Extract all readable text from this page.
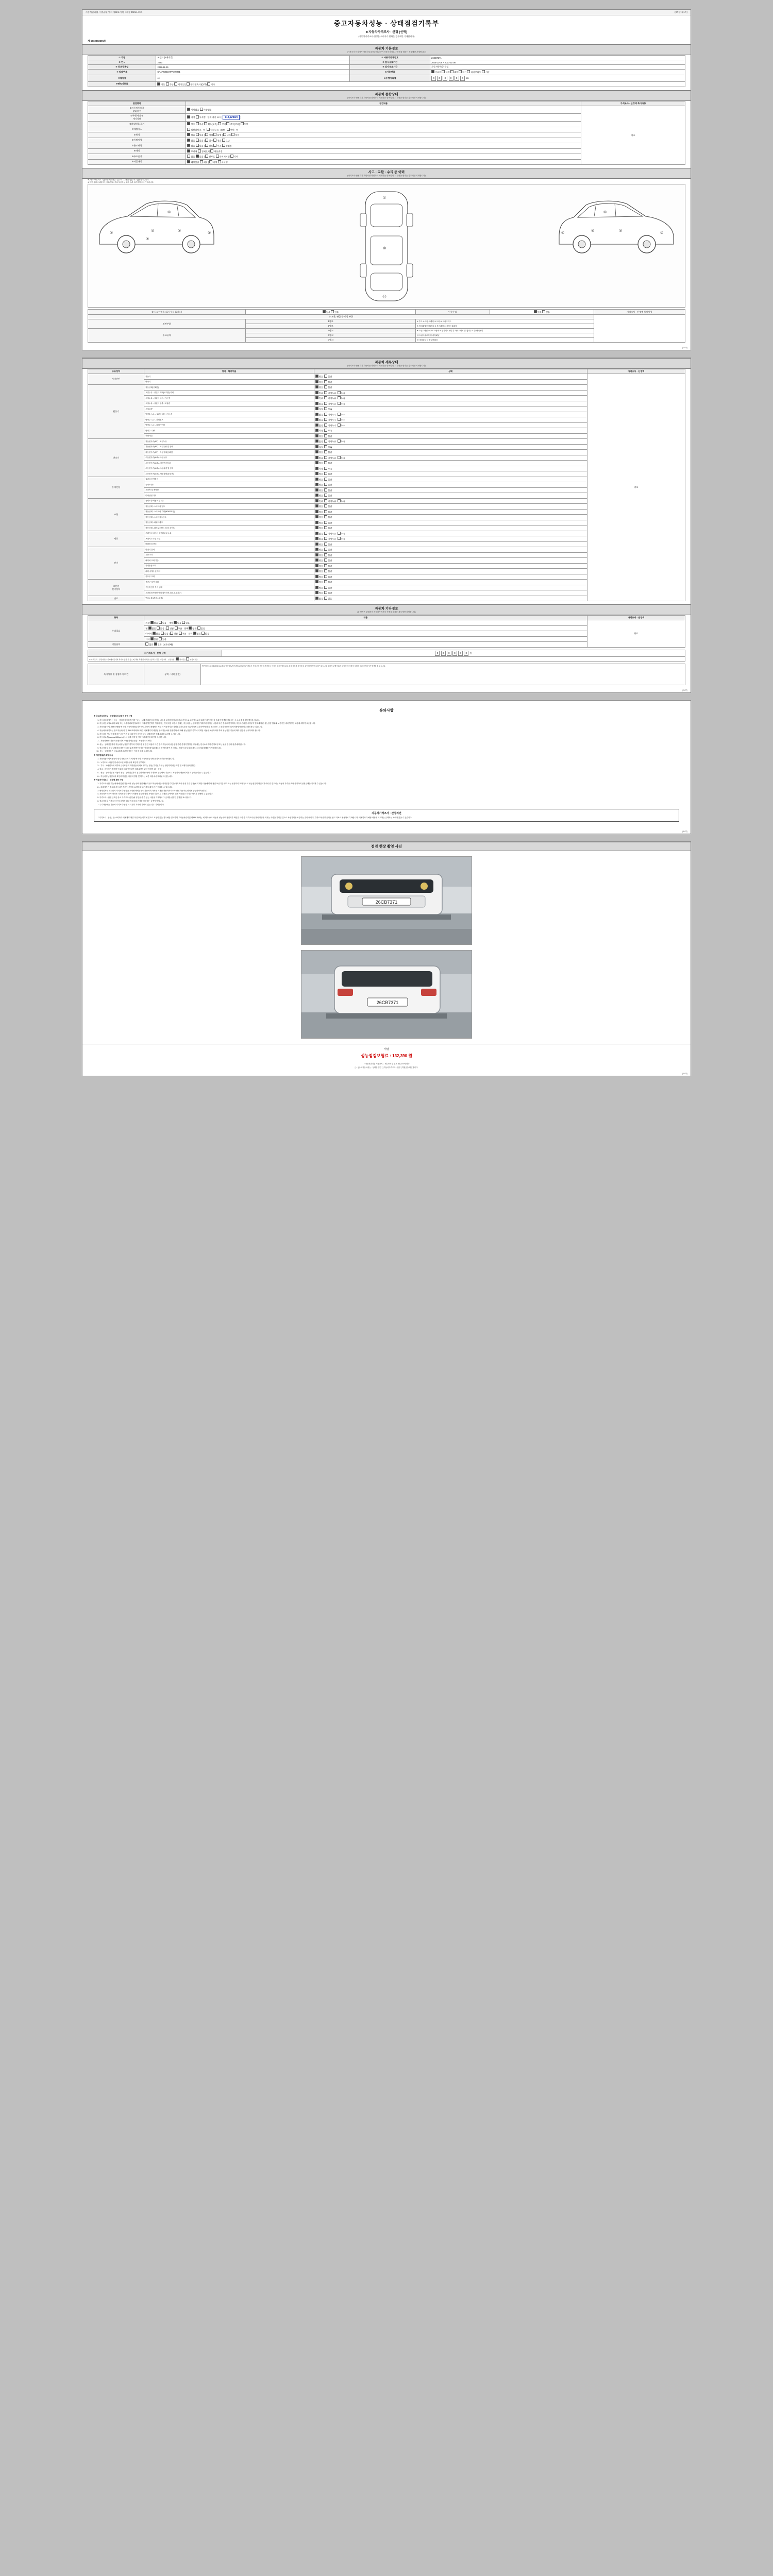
자동차관리법 시행규칙 [별지 제82호서식] <개정 2021.1.19.>	(3쪽중 제1쪽)
중고자동차성능 · 상태점검기록부
■ 자동차가격조사 · 산정 (선택)
(자동차가격조사·산정은 소비자가 원하는 경우에만 기재합니다)
제 5610003605호
자동차 기본정보
(가격조사·산정자가 자동차등록증과 비교하여 자동차가격조사·산정을 원하는 경우에만 기재합니다)
① 차명	쏘렌토 (4세대급)	② 자동차등록번호	26CB7371
③ 연식	2023	④ 검사유효기간	2025-11-09 ~ 2027-11-08
⑤ 최초등록일	2022-11-29	⑥ 검사유효기간	자동차등록증 동일
⑦ 차대번호	KNARU81BHPA100931	⑧사용연료	가솔린 디젤 LPG 전기 하이브리드 기타
④배기량	cc	⑩주행거리계	0 0 0 0 0 0 km
⑨변속기종류	자동 수동 세미오토 무단변속기(CVT) 기타		
자동차 종합상태
(가격조사·산정자가 자동차를 확인하고 기재하는 항목입니다. 산정을 원하는 경우에만 기재합니다)
점검항목	점검내용	가격조사 · 산정액 특이사항
①자동차등록증
상태 확인	이상없음 이상있음	양호
②주행거리 및
계기상태	적정 부적정   현재 계기 표시 [ 113,929km ]	
③차대번호 표기	양호 부식 훼손(오손) 상이 변조(변타) 도말	
④배출가스	일산화탄소   %   탄화수소   ppm   매연   %	
⑤튜닝	없음 있음 | 적법 불법 | 구조 장치	
⑥특별이력	없음 있음 | 침수 전손 도난	
⑦용도변경	없음 있음 | 렌트 리스 영업용	
⑧색상	무변색 전체도색 색상변경	
⑨주요옵션	없음 있음 | 선루프 내비게이션 기타	
⑩리콜대상	해당없음 해당 | 이행 미이행	
사고 · 교환 · 수리 등 이력
(가격조사·산정자가 확인사항 확인하고 기재하는 항목입니다. 산정을 원하는 경우에만 기재합니다)
※ (사고이력) 사고 · ( )교환 또는 판금 · ( )수리 · ( )용접 · ( )부식 · ( )흠집 · ( )기타
※ 하단 상태에 해당하는 기호(부위, 기타 부품작성 표기 등)를 표기하여 주시기 바랍니다.
②
③	⑤
⑥
⑦
④
①
⑩
⑭
②
③
⑤
⑥
④
① 사고이력 (＜표시부분 표기＞)	없음 있음	단순수리	없음 있음	가격조사 · 산정액 특이사항
② 교환, 판금 등 이상 부위				
외판부위	1랭크	① 후드 ② 프론트펜더 ③ 도어 ④ 트렁크리드		
	2랭크	⑤ 쿼터패널(리어펜더) ⑥ 루프패널 ⑦ 사이드실패널		
주요골격	A랭크	⑧ 프론트패널 ⑨ 크로스맴버 ⑩ 인사이드패널 ⑪ 사이드맴버 ⑫ 휠하우스 ⑬ 필러패널		
	B랭크	⑭ 트렁크플로어 ⑮ 리어패널		
	C랭크	⑯ 대쉬패널 ⑰ 플로어패널		
(1/4쪽)
자동차 세부상태
(가격조사·산정자가 자동차를 확인하고 기재하는 항목입니다. 산정을 원하는 경우에만 기재합니다)
주요장치	항목 / 해당부품	상태	가격조사 · 산정액
자기진단	원동기	양호 불량	양호
	변속기	양호 불량	
원동기	작동상태(공회전)	양호 불량	
	오일누유 - 실린더 커버(로커암) 커버	없음 미세누유 누유	
	오일누유 - 실린더 헤드 / 가스켓	없음 미세누유 누유	
	오일누유 - 실린더 블록 / 오일팬	없음 미세누유 누유	
	오일유량	적정 부족	
	냉각수 누수 - 실린더 헤드 / 가스켓	없음 미세누수 누수	
	냉각수 누수 - 워터펌프	없음 미세누수 누수	
	냉각수 누수 - 라디에이터	없음 미세누수 누수	
	냉각수 수량	적정 부족	
	커먼레일	양호 불량	
변속기	자동변속기(A/T) - 오일누유	없음 미세누유 누유	
	자동변속기(A/T) - 오일유량 및 상태	적정 부족	
	자동변속기(A/T) - 작동상태(공회전)	양호 불량	
	수동변속기(M/T) - 오일누유	없음 미세누유 누유	
	수동변속기(M/T) - 기어변속장치	양호 불량	
	수동변속기(M/T) - 오일유량 및 상태	적정 부족	
	수동변속기(M/T) - 작동상태(공회전)	양호 불량	
동력전달	클러치 어셈블리	양호 불량	
	등속조인트	양호 불량	
	추진축 및 베어링	양호 불량	
	디퍼렌셜 기어	양호 불량	
조향	동력조향 작동 오일누유	없음 미세누유 누유	
	작동상태 - 스티어링 펌프	양호 불량	
	작동상태 - 스티어링 기어(MDPS포함)	양호 불량	
	작동상태 - 스티어링조인트	양호 불량	
	작동상태 - 파워크랭크	양호 불량	
	작동상태 - 타이로드엔드 및 볼 조인트	양호 불량	
제동	브레이크 마스터 실린더오일 누유	없음 미세누유 누유	
	브레이크 오일 누유	없음 미세누유 누유	
	배력장치 상태	양호 불량	
전기	발전기 출력	양호 불량	
	시동 모터	양호 불량	
	와이퍼 모터 기능	양호 불량	
	실내송풍 모터	양호 불량	
	라디에이터 팬 모터	양호 불량	
	윈도우 모터	양호 불량	
고전원
전기장치	충전구 절연 상태	양호 불량	
	구동축전지 격리 상태	양호 불량	
	고전원전기배선 상태(접속단자,피복,보호기구)	양호 불량	
연료	연료누출(LP가스포함)	없음 있음	
자동차 기타정보
(※ 항목은 판매자가 자동차가격조사·산정을 원하는 경우에만 기재합니다)
항목	내용	가격조사 · 산정액
수리필요	외장 없음 있음    내장 없음 있음	양호
	휠 없음 있음 | 전륜 후륜   광택 없음 있음	
	타이어 없음 있음 | 전륜 후륜   유리 없음 있음	
	기타 없음 있음	
기본품목	없음 있음  (보유상태)	
④ 가격조사 · 산정 금액	0 0 0 0 0 0 원
※ 가격조사 · 산정자액은 실제매매금액과 차이가 있을 수 있으며, 해당 차량의 가격을 보증하는 것은 아닙니다.   보증유형 : 자기인증 보험사보증
특기사항 및 점검자의 의견	금액 · 내역(점검)	엔진미션오일교환(2회) [1,4회] 타이밍벨트/펌프/벨트교환(2회)가격조사·산정 보증구간에 가격조사·산정의 참고사항입니다. 실제 내용과 상이할 수 있으며 법적인 효력은 없습니다. 소비자 주행거리/연식/옵션 및 차량의 상태에 따라 가격차이가 발생할 수 있습니다.
(2/4쪽)
유의사항

※ 중고자동차성능 · 상태점검의 보증에 관한 사항

1. 자동차매매업자는 성능 · 상태점검기록부(이하 "성능 · 상태 기록부")의 기재된 내용을 고지하지 아니하거나 거짓으로 고지함으로써 매수인에게 재산상 손해가 발생한 경우에는 그 손해를 배상할 책임을 집니다.
2. 자동차인도일로부터 30일 또는 주행거리 2천킬로미터 이내에 발견하여 이루어지는 정비 비용 보증의 범위는 자동차성능·상태점검기록부에 기재된 내용과 다른 경우로 한정하며, 자동차관리법 시행규칙 별표에 따른 성능점검 범위와 보증기간 내에 발생한 고장에 대하여 보증합니다.
3. 자동차관리법 제58조제6항에 따라 자동차매매업자가 중고자동차 매매계약 체결 시 자동차성능·상태점검기록부를 매수인에게 교부하여야 하며, 매수인은 그 점검 내용과 실제 차량상태를 비교 확인할 수 있습니다.
4. 자동차매매업자는 중고자동차(이 법 제60조제1항에 따른 매매계약이 체결된 중고자동차에 한정한다)에 대해 성능점검기록부에 기재된 내용을 보증하여야 하며 성능점검 기준에 따라 점검을 실시하여야 합니다.
5. 자동차의 성능·상태점검은 보증기간 내 매수인이 자동차성능·상태점검자에게 수리를 요청할 수 있습니다.
6. 자동차보증(www.car365.go.kr)에서 실제 점검 및 정비이력 확인을 확인할 수 있습니다.
7. - 자동차365 : 자동차 종합 정보 / 자동차성능점검 / 자동차이력 확인
8. 성능 · 상태점검자가 자동차성능점검기록부의 기재사항 및 점검 내용과 다른 경우 자동차의 성능점검 관련 분쟁이 발생한 경우에는 한국소비자원 분쟁조정 또는 관할 법원의 판결에 따릅니다.
9. 중고자동차 성능·상태점검 내용에 대한 분쟁 발생 시 성능·상태점검자와 매수인 간 협의하여 처리하고, 협의가 되지 않을 경우 소비자분쟁해결기준에 따릅니다.
10. 성능 · 상태점검은 국토교통부장관이 정하는 기준에 따라 실시합니다.

※ 제권법률(자료임에서)

1. 자동차관리법시행규칙 별지 제82호서식 제3항에 따라 자동차성능·상태점검기록부를 작성합니다.
2. - 노후도시 : 차량연식에서 오일교환유무의 확인과 일부제외
3. - 부식 : 차량연식에 의하여 금속표면의 화학반응에 의해 생기는 현상 (부식된 부위는 절단하여 판금작업 및 교환부품의 발생)
4. 침수 : 자동차가 발생한 번호가 등록 인상되면 침수차량이 판단 정하여 되는 상태
5. - 성능 · 상태점검은 자동차 성능 · 상태점검자가 점검한 내용 중에 기재하며 점검당시 기준으로 작성하기 때문에 이후의 상태는 다를 수 있습니다.
6. - 자동차성능점검에서 확인되지 않은 차량의 결함 및 하자는 보증 대상에서 제외될 수 있습니다.

※ 자동차가격조사 · 산정에 관한 사항

1. 가격조사·산정자는 매매에 앞선 자동차의 성능·상태점검 내용과 중고자동차 성능·상태점검기록부(가격조사·산정 부분 한정)에 기재한 내용에 따라 점검 보증기간 경과 또는 운행거리 초과 등으로 성능점검이 확인되지 아니한 경우에는 자동차 가격을 조사·산정하여 산정금액을 기재할 수 있습니다.
2. - 매매업자가 별도의 자동차가격조사·산정을 요청하지 않은 경우 해당 란은 비워둘 수 있습니다.
3. 매매업자는 매수인이 가격조사·산정을 요청할 때에는 중고자동차의 가격을 기재한 자동차가격조사·산정서를 매수인에게 발급하여야 합니다.
4. 자동차가격조사·산정은 가격조사·산정자가 차량을 점검한 날의 시세를 기준으로 산정한 금액이며 실제 거래되는 가격과 차이가 발생할 수 있습니다.
5. 가격조사 · 산정 금액은 중고 가격조사(산정)에 영향을 줄 수 있는 사항을 기재하고 그 금액을 산정한 결과를 표시합니다.
6. 중고자동차 가격조사·산정 금액은 해당 자동차의 가격을 보증하는 금액이 아닙니다.
7. 특기사항에는 자동차 가격조사·산정 시 특별히 기재할 사항이 있는 경우 기재합니다.
자동차가격조사 · 산정의견
「가격조사 · 산정」은 소비자가 매매계약 체결 이전 또는 이후에 별도로 요청이 있는 경우에만 실시하며 『자동차관리법 제58조제4항』에 따라 중고 자동차 성능·상태점검자가 확인한 사항 중 가격조사·산정에 영향을 미치는 사항을 기재한 것으로 차량가액을 보증하는 것이 아니며, 가격조사·산정 금액은 참고 자료로 활용하시기 바랍니다. 매매업자가 해당 차량을 매도하는 금액과는 차이가 있을 수 있습니다.
(3/4쪽)
점검 현장 촬영 사진
26CB7371
26CB7371
서명
성능점검보험료 : 132,390 원
「자동차관리법 시행규칙」 제120조 및 별표 제120조에 따라
[ ㄱ ] 중고자동차성능 · 상태를 점검 [ ] 자동차가격조사 · 산정 ] 하였음을 확인합니다.
(4/4쪽)
